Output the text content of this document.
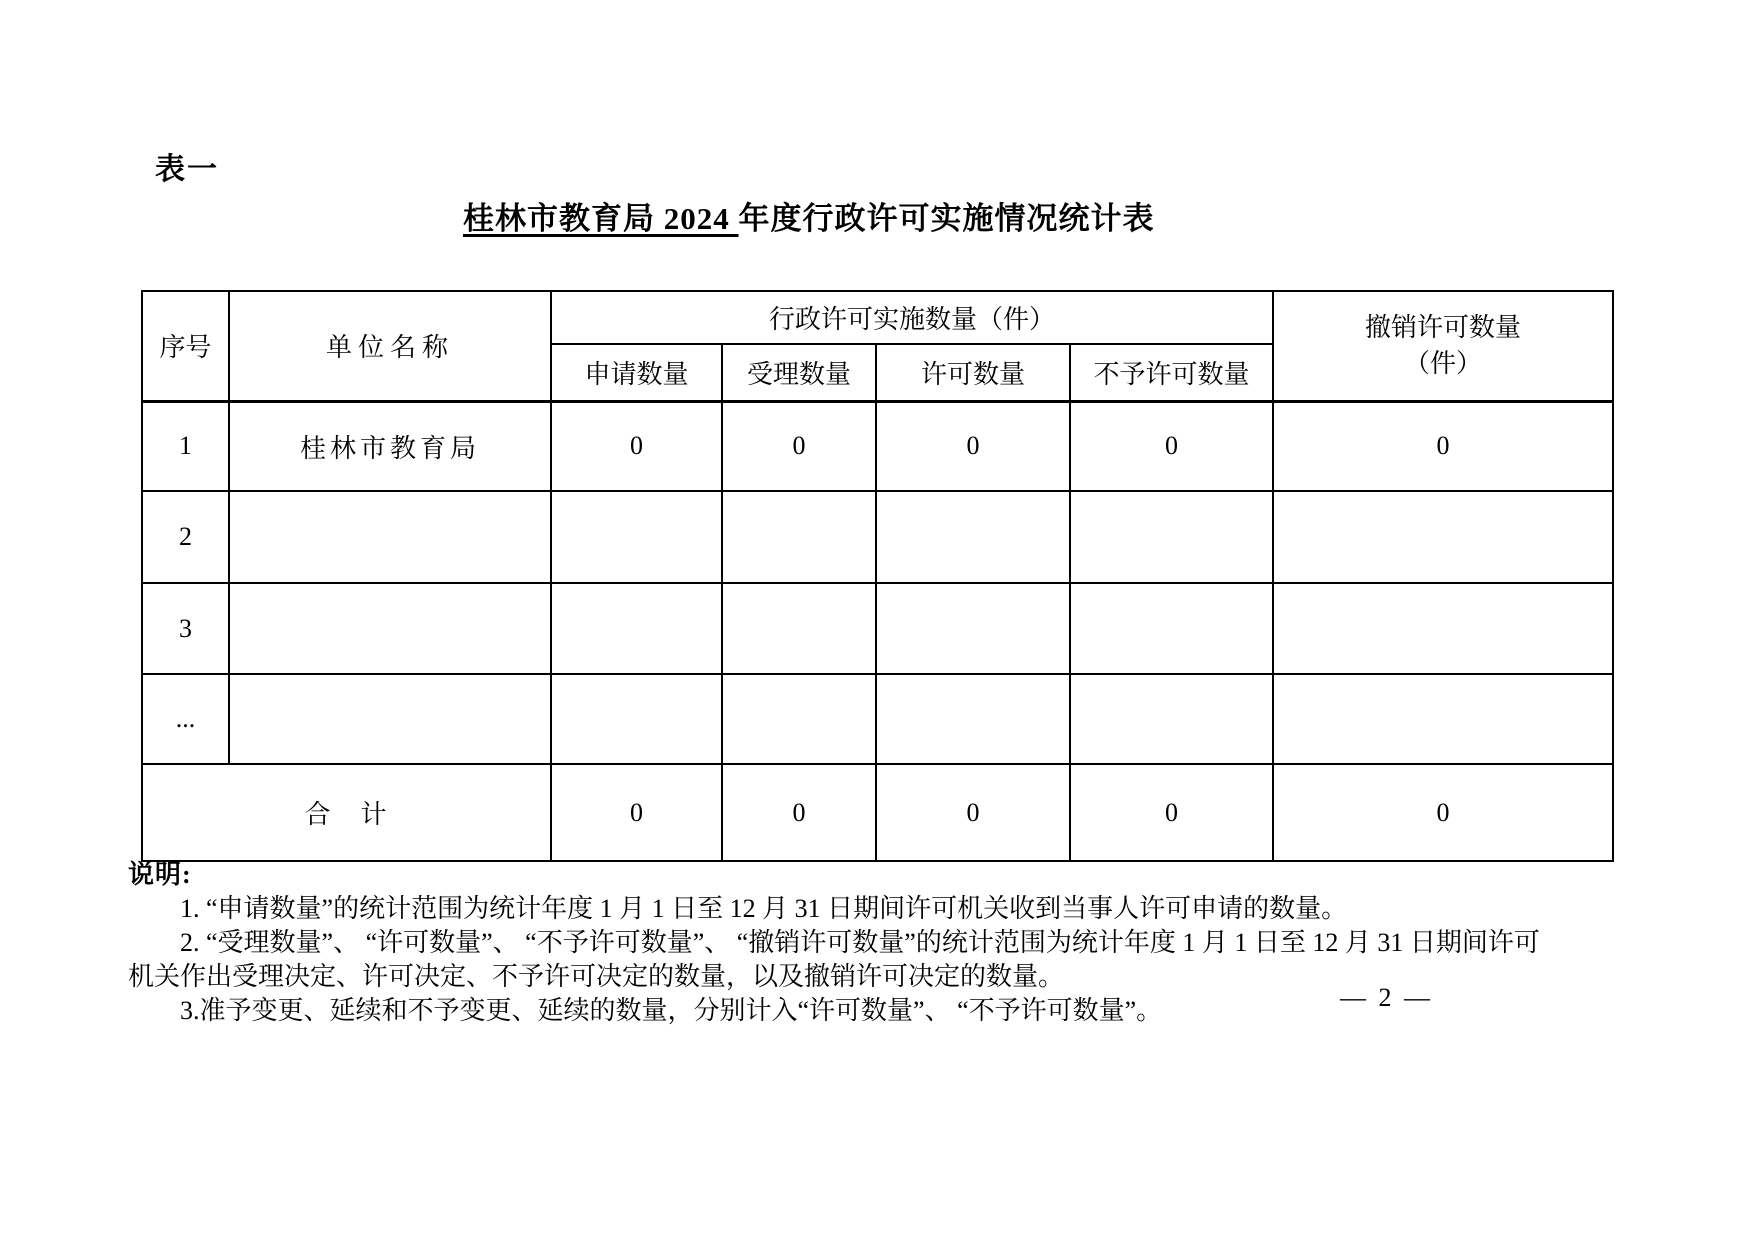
表一
桂林市教育局 2024 年度行政许可实施情况统计表
序号	单位名称	行政许可实施数量（件）				撤销许可数量
（件）

		申请数量	受理数量	许可数量	不予许可数量	
1	桂林市教育局	0	0	0	0	0
2						
3						
...						
合　计		0	0	0	0	0
说明:
1. “申请数量”的统计范围为统计年度 1 月 1 日至 12 月 31 日期间许可机关收到当事人许可申请的数量。
2. “受理数量”、 “许可数量”、 “不予许可数量”、 “撤销许可数量”的统计范围为统计年度 1 月 1 日至 12 月 31 日期间许可
机关作出受理决定、许可决定、不予许可决定的数量，以及撤销许可决定的数量。
3.准予变更、延续和不予变更、延续的数量，分别计入“许可数量”、 “不予许可数量”。	— 2 —
